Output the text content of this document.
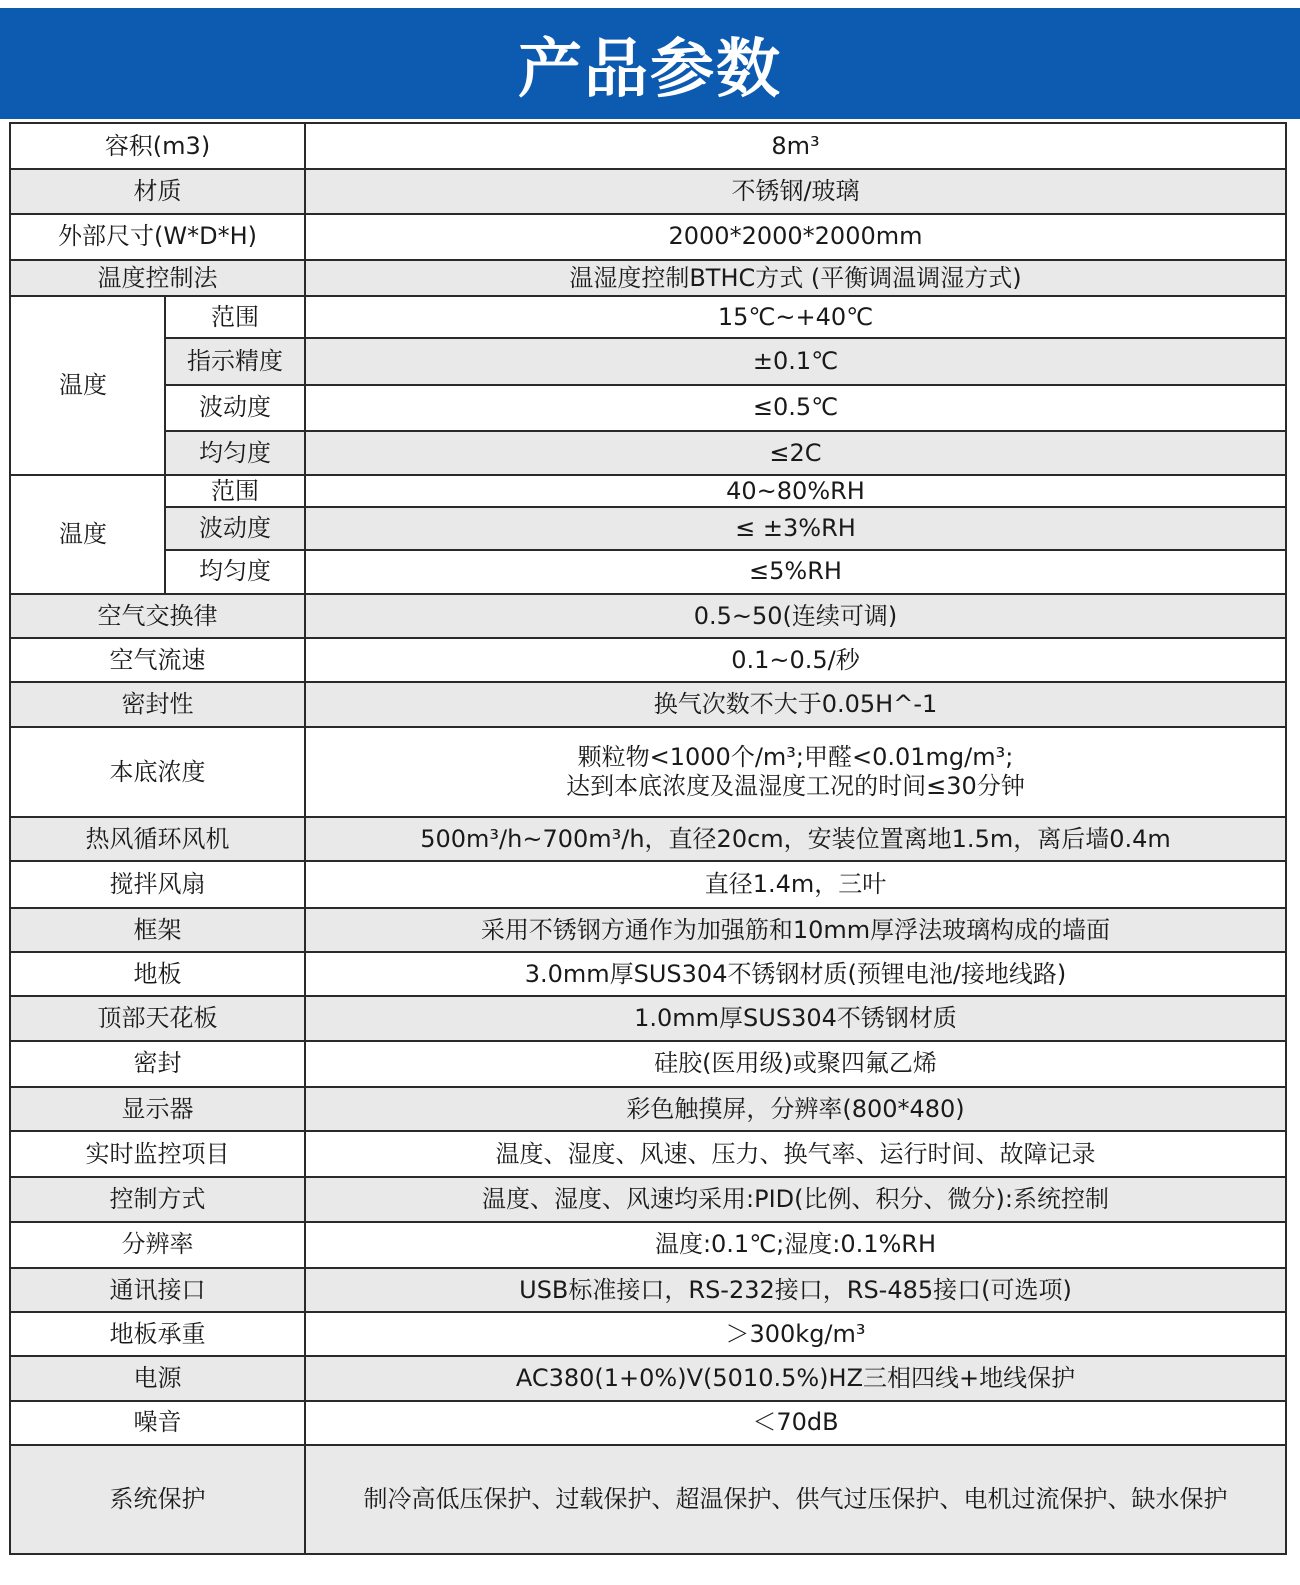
产品参数
容积(m3)		8m³
材质		不锈钢/玻璃
外部尺寸(W*D*H)		2000*2000*2000mm
温度控制法		温湿度控制BTHC方式 (平衡调温调湿方式)
温度	范围	15℃~+40℃
	指示精度	±0.1℃
	波动度	≤0.5℃
	均匀度	≤2C
温度	范围	40~80%RH
	波动度	≤ ±3%RH
	均匀度	≤5%RH
空气交换律		0.5~50(连续可调)
空气流速		0.1~0.5/秒
密封性		换气次数不大于0.05H^-1
本底浓度		颗粒物<1000个/m³;甲醛<0.01mg/m³;
达到本底浓度及温湿度工况的时间≤30分钟

热风循环风机		500m³/h~700m³/h，直径20cm，安装位置离地1.5m，离后墙0.4m
搅拌风扇		直径1.4m，三叶
框架		采用不锈钢方通作为加强筋和10mm厚浮法玻璃构成的墙面
地板		3.0mm厚SUS304不锈钢材质(预锂电池/接地线路)
顶部天花板		1.0mm厚SUS304不锈钢材质
密封		硅胶(医用级)或聚四氟乙烯
显示器		彩色触摸屏，分辨率(800*480)
实时监控项目		温度、湿度、风速、压力、换气率、运行时间、故障记录
控制方式		温度、湿度、风速均采用:PID(比例、积分、微分):系统控制
分辨率		温度:0.1℃;湿度:0.1%RH
通讯接口		USB标准接口，RS-232接口，RS-485接口(可选项)
地板承重		＞300kg/m³
电源		AC380(1+0%)V(5010.5%)HZ三相四线+地线保护
噪音		＜70dB
系统保护		制冷高低压保护、过载保护、超温保护、供气过压保护、电机过流保护、缺水保护
